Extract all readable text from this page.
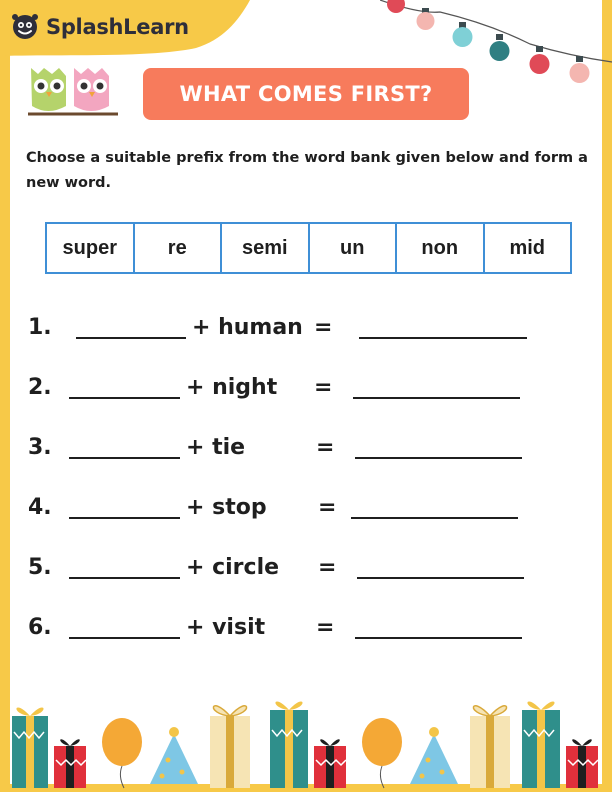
SplashLearn
WHAT COMES FIRST?
Choose a suitable prefix from the word bank given below and form a new word.
super	re	semi	un	non	mid
1.	+ human =
2.	+ night =
3.	+ tie	=
4.	+ stop =
5.	+ circle =
6.	+ visit =
